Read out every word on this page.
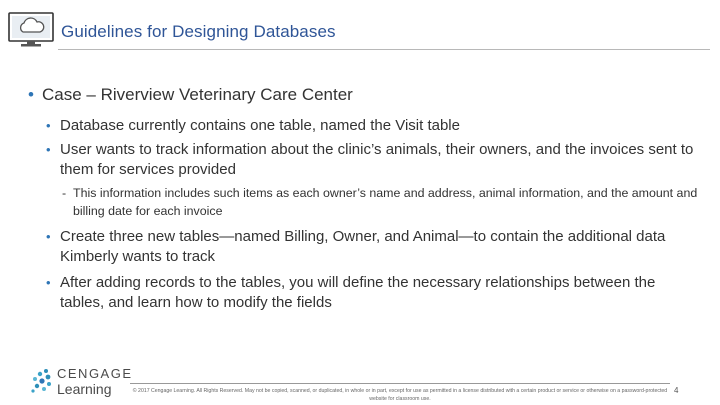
Guidelines for Designing Databases
• Case – Riverview Veterinary Care Center
• Database currently contains one table, named the Visit table
• User wants to track information about the clinic’s animals, their owners, and the invoices sent to them for services provided
- This information includes such items as each owner’s name and address, animal information, and the amount and billing date for each invoice
• Create three new tables—named Billing, Owner, and Animal—to contain the additional data Kimberly wants to track
• After adding records to the tables, you will define the necessary relationships between the tables, and learn how to modify the fields
CENGAGE
Learning	© 2017 Cengage Learning. All Rights Reserved. May not be copied, scanned, or duplicated, in whole or in part, except for use as permitted in a license distributed with a certain product or service or otherwise on a password-protected website for classroom use.
4
